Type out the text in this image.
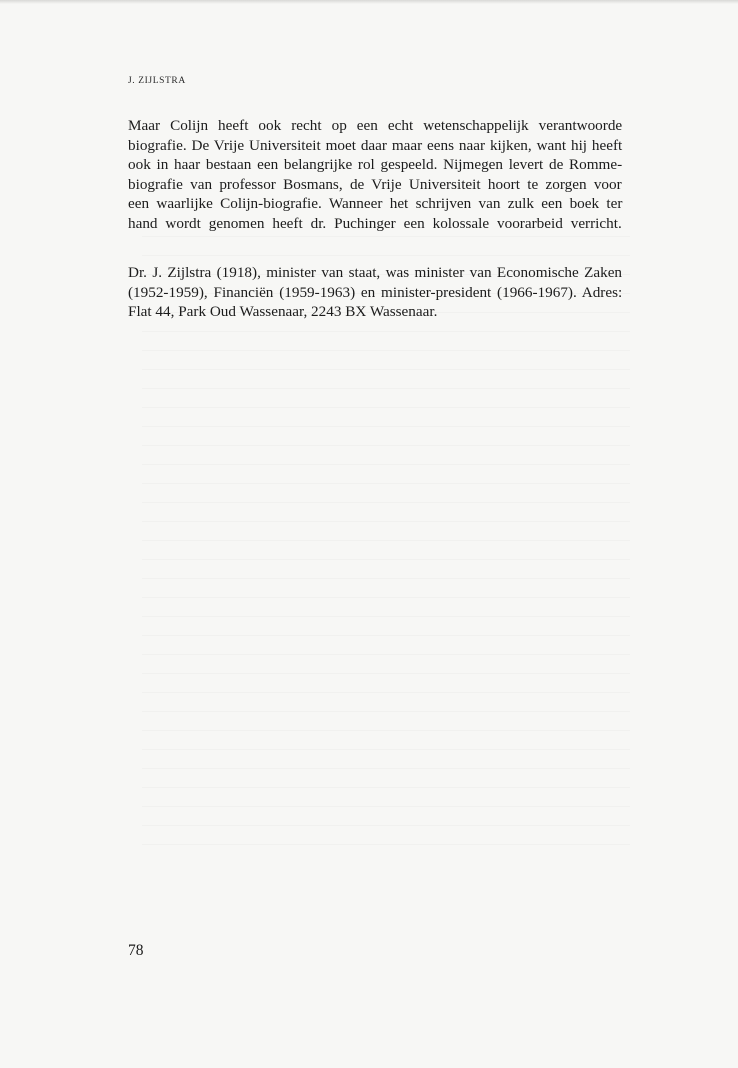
J. ZIJLSTRA

Maar Colijn heeft ook recht op een echt wetenschappelijk verantwoorde
biografie. De Vrije Universiteit moet daar maar eens naar kijken, want hij heeft
ook in haar bestaan een belangrijke rol gespeeld. Nijmegen levert de Romme-
biografie van professor Bosmans, de Vrije Universiteit hoort te zorgen voor
een waarlijke Colijn-biografie. Wanneer het schrijven van zulk een boek ter
hand wordt genomen heeft dr. Puchinger een kolossale voorarbeid verricht.

Dr. J. Zijlstra (1918), minister van staat, was minister van Economische Zaken
(1952-1959), Financiën (1959-1963) en minister-president (1966-1967). Adres:
Flat 44, Park Oud Wassenaar, 2243 BX Wassenaar.

78
